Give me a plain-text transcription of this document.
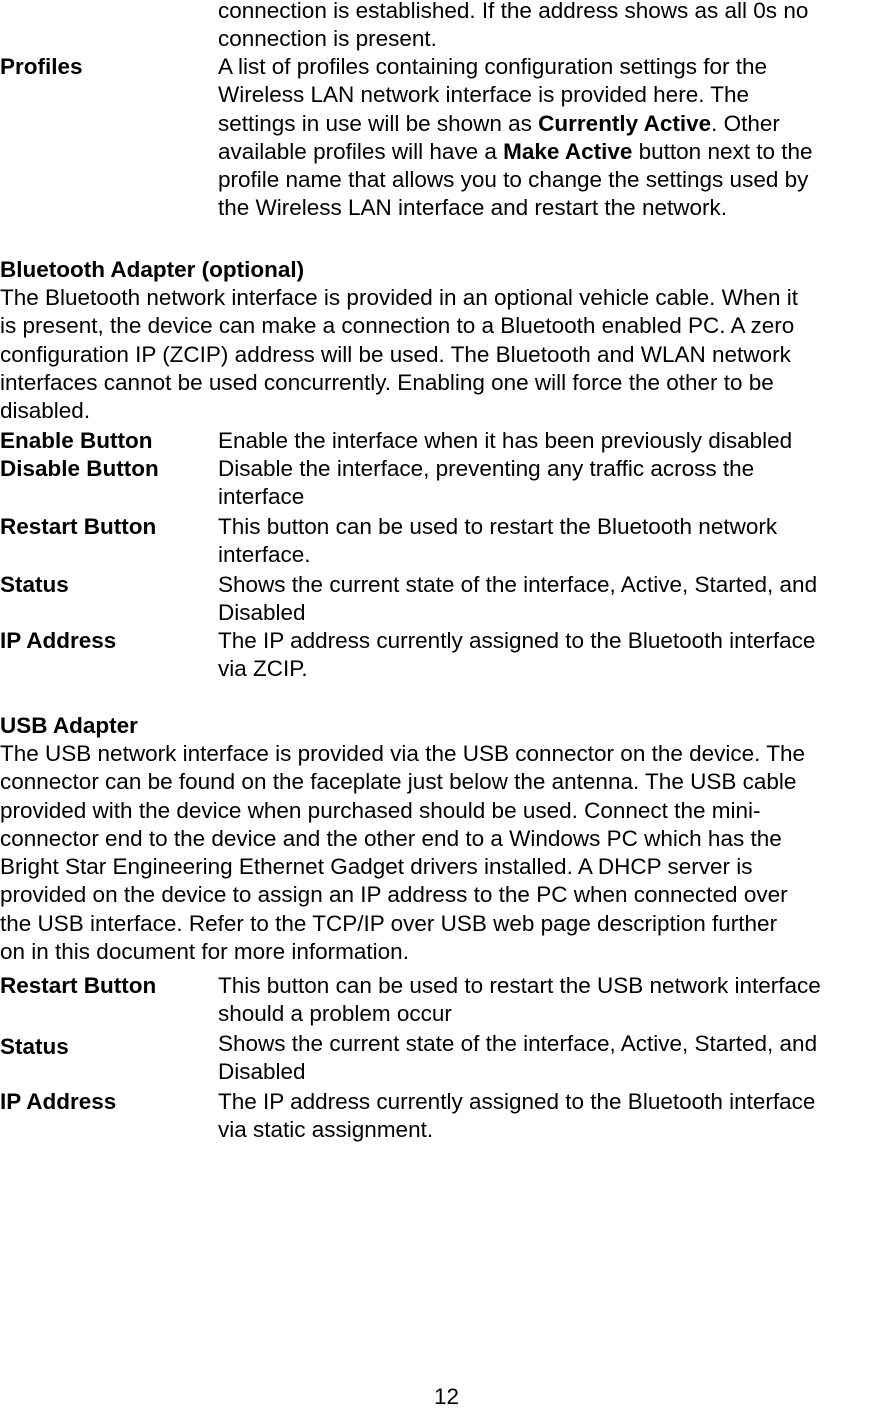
connection is established. If the address shows as all 0s no
connection is present.
Profiles	A list of profiles containing configuration settings for the
Wireless LAN network interface is provided here. The
settings in use will be shown as Currently Active. Other
available profiles will have a Make Active button next to the
profile name that allows you to change the settings used by
the Wireless LAN interface and restart the network.
Bluetooth Adapter (optional)
The Bluetooth network interface is provided in an optional vehicle cable. When it
is present, the device can make a connection to a Bluetooth enabled PC. A zero
configuration IP (ZCIP) address will be used. The Bluetooth and WLAN network
interfaces cannot be used concurrently. Enabling one will force the other to be
disabled.
Enable Button	Enable the interface when it has been previously disabled
Disable Button	Disable the interface, preventing any traffic across the
interface
Restart Button	This button can be used to restart the Bluetooth network
interface.
Status	Shows the current state of the interface, Active, Started, and
Disabled
IP Address	The IP address currently assigned to the Bluetooth interface
via ZCIP.
USB Adapter
The USB network interface is provided via the USB connector on the device. The
connector can be found on the faceplate just below the antenna. The USB cable
provided with the device when purchased should be used. Connect the mini-
connector end to the device and the other end to a Windows PC which has the
Bright Star Engineering Ethernet Gadget drivers installed. A DHCP server is
provided on the device to assign an IP address to the PC when connected over
the USB interface. Refer to the TCP/IP over USB web page description further
on in this document for more information.
Restart Button	This button can be used to restart the USB network interface
should a problem occur
Status	Shows the current state of the interface, Active, Started, and
Disabled
IP Address	The IP address currently assigned to the Bluetooth interface
via static assignment.
12
